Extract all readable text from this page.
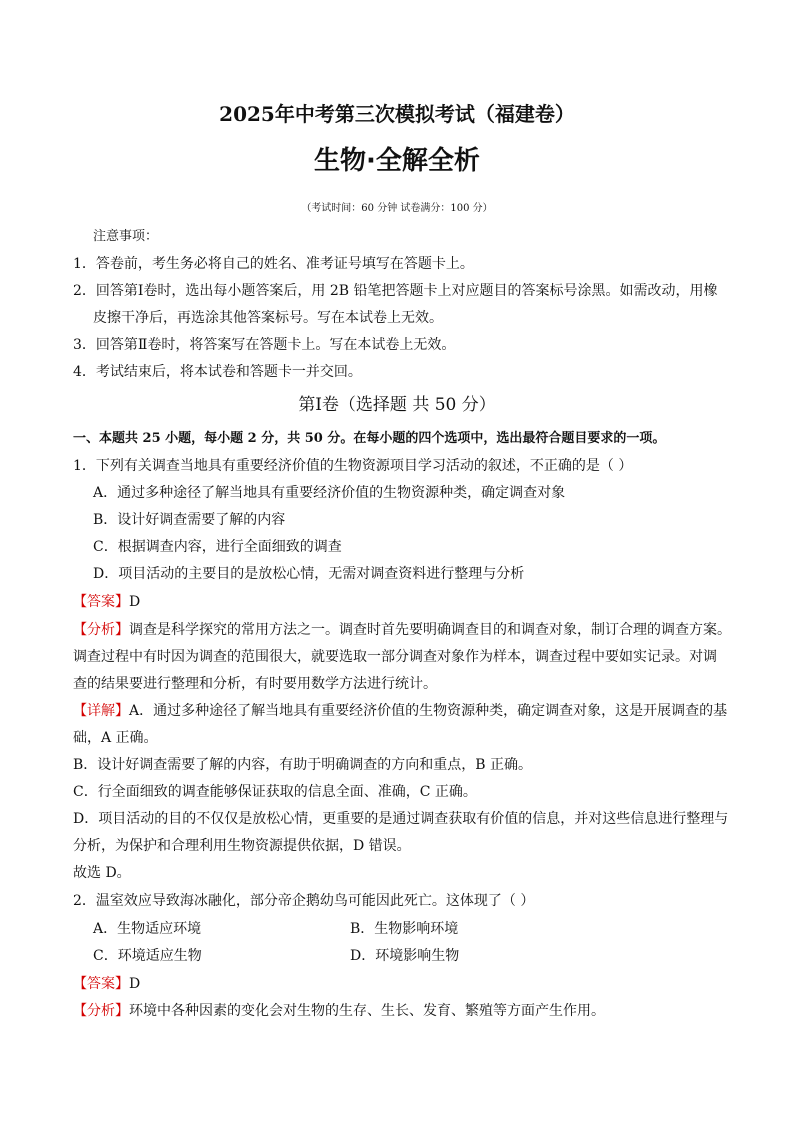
2025年中考第三次模拟考试（福建卷）
生物·全解全析
（考试时间：60 分钟 试卷满分：100 分）
注意事项：
1．答卷前，考生务必将自己的姓名、准考证号填写在答题卡上。
2．回答第Ⅰ卷时，选出每小题答案后，用 2B 铅笔把答题卡上对应题目的答案标号涂黑。如需改动，用橡
皮擦干净后，再选涂其他答案标号。写在本试卷上无效。
3．回答第Ⅱ卷时，将答案写在答题卡上。写在本试卷上无效。
4．考试结束后，将本试卷和答题卡一并交回。
第Ⅰ卷（选择题 共 50 分）
一、本题共 25 小题，每小题 2 分，共 50 分。在每小题的四个选项中，选出最符合题目要求的一项。
1．下列有关调查当地具有重要经济价值的生物资源项目学习活动的叙述，不正确的是（ ）
A．通过多种途径了解当地具有重要经济价值的生物资源种类，确定调查对象
B．设计好调查需要了解的内容
C．根据调查内容，进行全面细致的调查
D．项目活动的主要目的是放松心情，无需对调查资料进行整理与分析
【答案】D
【分析】调查是科学探究的常用方法之一。调查时首先要明确调查目的和调查对象，制订合理的调查方案。
调查过程中有时因为调查的范围很大，就要选取一部分调查对象作为样本，调查过程中要如实记录。对调
查的结果要进行整理和分析，有时要用数学方法进行统计。
【详解】A．通过多种途径了解当地具有重要经济价值的生物资源种类，确定调查对象，这是开展调查的基
础，A 正确。
B．设计好调查需要了解的内容，有助于明确调查的方向和重点，B 正确。
C．行全面细致的调查能够保证获取的信息全面、准确，C 正确。
D．项目活动的目的不仅仅是放松心情，更重要的是通过调查获取有价值的信息，并对这些信息进行整理与
分析，为保护和合理利用生物资源提供依据，D 错误。
故选 D。
2．温室效应导致海冰融化，部分帝企鹅幼鸟可能因此死亡。这体现了（ ）
A．生物适应环境	B．生物影响环境
C．环境适应生物	D．环境影响生物
【答案】D
【分析】环境中各种因素的变化会对生物的生存、生长、发育、繁殖等方面产生作用。
